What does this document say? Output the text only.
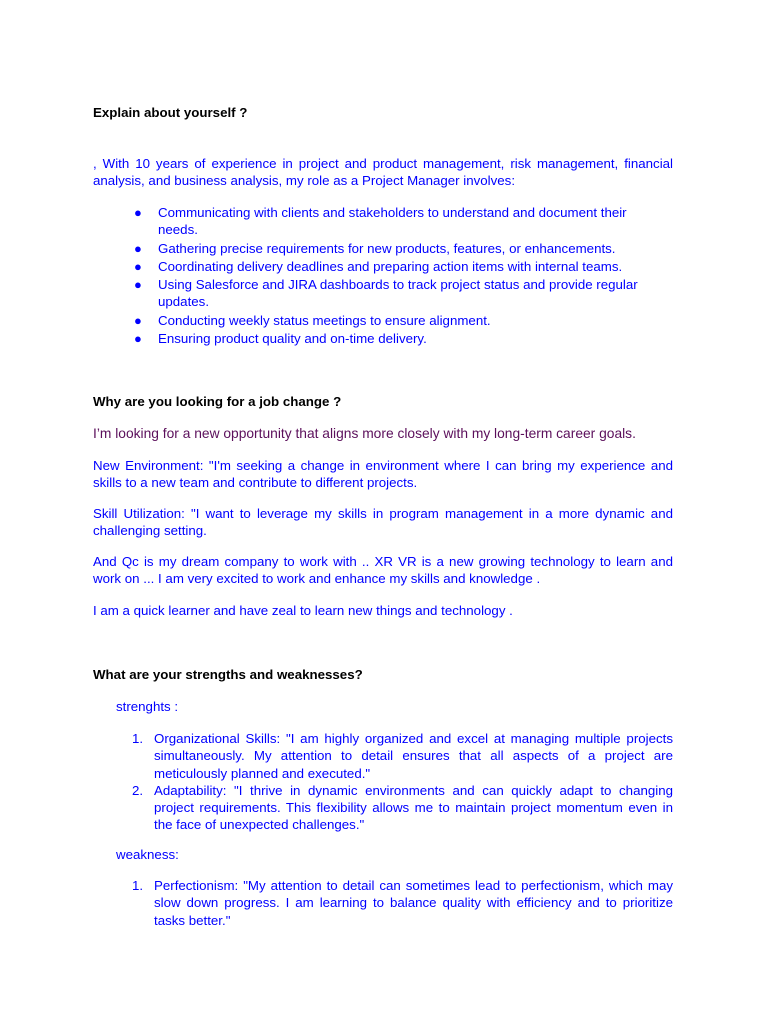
Explain about yourself ?
, With 10 years of experience in project and product management, risk management, financial analysis, and business analysis, my role as a Project Manager involves:
● Communicating with clients and stakeholders to understand and document their needs.
● Gathering precise requirements for new products, features, or enhancements.
● Coordinating delivery deadlines and preparing action items with internal teams.
● Using Salesforce and JIRA dashboards to track project status and provide regular updates.
● Conducting weekly status meetings to ensure alignment.
● Ensuring product quality and on-time delivery.
Why are you looking for a job change ?
I’m looking for a new opportunity that aligns more closely with my long-term career goals.
New Environment: "I'm seeking a change in environment where I can bring my experience and skills to a new team and contribute to different projects.
Skill Utilization: "I want to leverage my skills in program management in a more dynamic and challenging setting.
And Qc is my dream company to work with .. XR VR is a new growing technology to learn and work on ... I am very excited to work and enhance my skills and knowledge .
I am a quick learner and have zeal to learn new things and technology .
What are your strengths and weaknesses?
strenghts :
1. Organizational Skills: "I am highly organized and excel at managing multiple projects simultaneously. My attention to detail ensures that all aspects of a project are meticulously planned and executed."
2. Adaptability: "I thrive in dynamic environments and can quickly adapt to changing project requirements. This flexibility allows me to maintain project momentum even in the face of unexpected challenges."
weakness:
1. Perfectionism: "My attention to detail can sometimes lead to perfectionism, which may slow down progress. I am learning to balance quality with efficiency and to prioritize tasks better."
